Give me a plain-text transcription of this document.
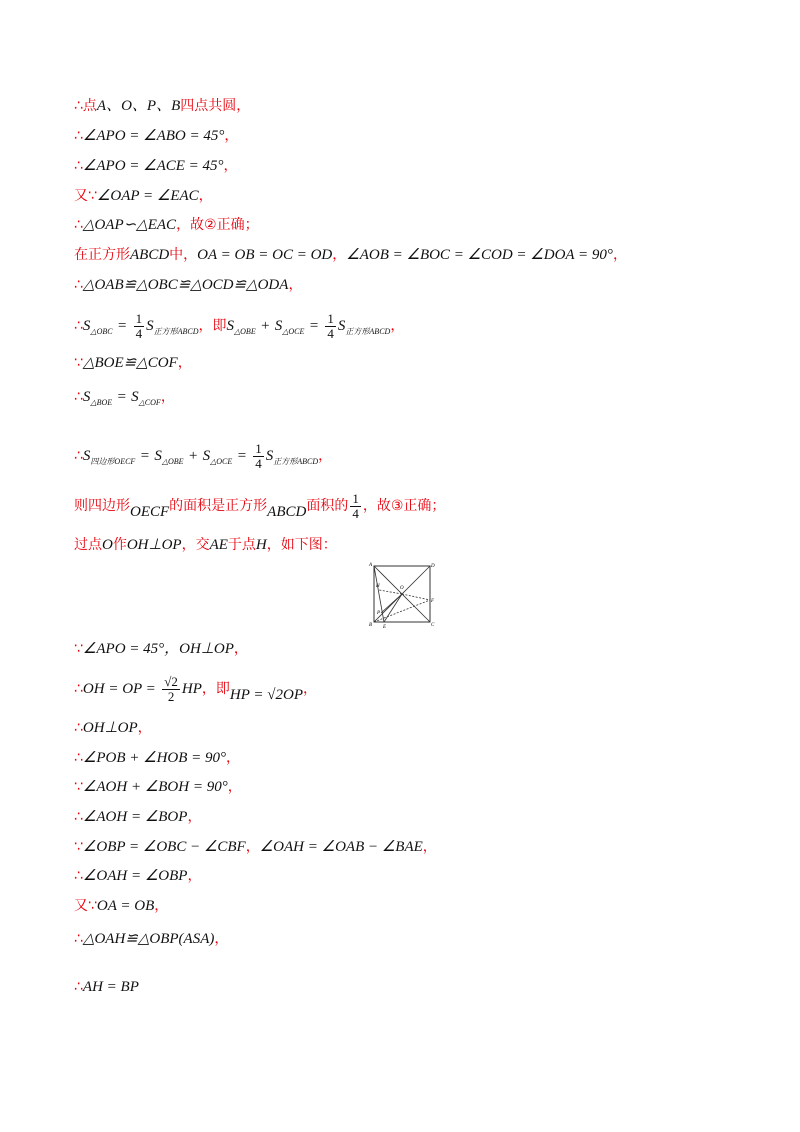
∴点A、O、P、B四点共圆，
∴∠APO = ∠ABO = 45°，
∴∠APO = ∠ACE = 45°，
又∵∠OAP = ∠EAC，
∴△OAP∽△EAC，故②正确；
在正方形ABCD中，OA = OB = OC = OD，∠AOB = ∠BOC = ∠COD = ∠DOA = 90°，
∴△OAB≌△OBC≌△OCD≌△ODA，
$\therefore S_{\triangle OBC} = \frac{1}{4} S_{正方形ABCD}$，即$S_{\triangle OBE} + S_{\triangle OCE} = \frac{1}{4} S_{正方形ABCD}$，
∵△BOE≌△COF，
$\therefore S_{\triangle BOE} = S_{\triangle COF}$，
$\therefore S_{四边形OECF} = S_{\triangle OBE} + S_{\triangle OCE} = \frac{1}{4} S_{正方形ABCD}$，
则四边形OECF的面积是正方形ABCD面积的 $\frac{1}{4}$ ，故③正确；
过点O作OH⊥OP，交AE于点H，如下图：
A	D
O
H
F
B	C
E
P
∵∠APO = 45°，OH⊥OP，
∴OH = OP = $\frac{√2}{2}$ HP，即HP = √2OP，
∴OH⊥OP，
∴∠POB + ∠HOB = 90°，
∵∠AOH + ∠BOH = 90°，
∴∠AOH = ∠BOP，
∵∠OBP = ∠OBC − ∠CBF，∠OAH = ∠OAB − ∠BAE，
∴∠OAH = ∠OBP，
又∵OA = OB，
∴△OAH≌△OBP(ASA)，
∴AH = BP
